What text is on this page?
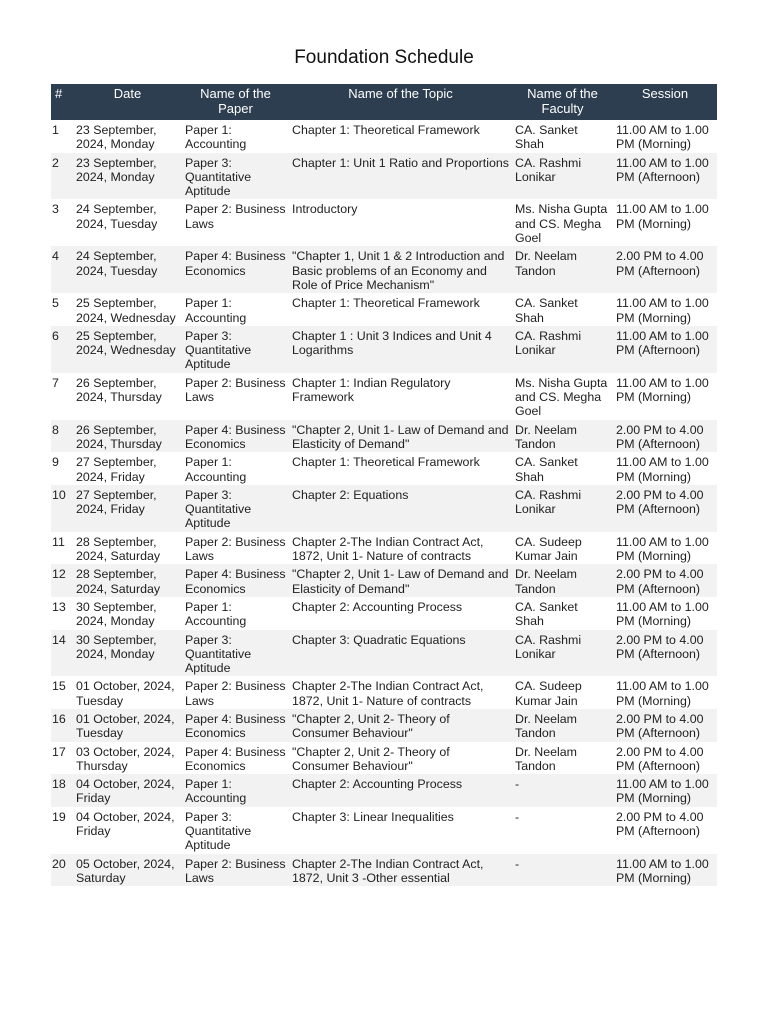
Foundation Schedule
#	Date	Name of the Paper	Name of the Topic	Name of the Faculty	Session
1	23 September, 2024, Monday	Paper 1: Accounting	Chapter 1: Theoretical Framework	CA. Sanket Shah	11.00 AM to 1.00 PM (Morning)
2	23 September, 2024, Monday	Paper 3: Quantitative Aptitude	Chapter 1: Unit 1 Ratio and Proportions	CA. Rashmi Lonikar	11.00 AM to 1.00 PM (Afternoon)
3	24 September, 2024, Tuesday	Paper 2: Business Laws	Introductory	Ms. Nisha Gupta and CS. Megha Goel	11.00 AM to 1.00 PM (Morning)
4	24 September, 2024, Tuesday	Paper 4: Business Economics	"Chapter 1, Unit 1 & 2 Introduction and Basic problems of an Economy and Role of Price Mechanism"	Dr. Neelam Tandon	2.00 PM to 4.00 PM (Afternoon)
5	25 September, 2024, Wednesday	Paper 1: Accounting	Chapter 1: Theoretical Framework	CA. Sanket Shah	11.00 AM to 1.00 PM (Morning)
6	25 September, 2024, Wednesday	Paper 3: Quantitative Aptitude	Chapter 1 : Unit 3 Indices and Unit 4 Logarithms	CA. Rashmi Lonikar	11.00 AM to 1.00 PM (Afternoon)
7	26 September, 2024, Thursday	Paper 2: Business Laws	Chapter 1: Indian Regulatory Framework	Ms. Nisha Gupta and CS. Megha Goel	11.00 AM to 1.00 PM (Morning)
8	26 September, 2024, Thursday	Paper 4: Business Economics	"Chapter 2, Unit 1- Law of Demand and Elasticity of Demand"	Dr. Neelam Tandon	2.00 PM to 4.00 PM (Afternoon)
9	27 September, 2024, Friday	Paper 1: Accounting	Chapter 1: Theoretical Framework	CA. Sanket Shah	11.00 AM to 1.00 PM (Morning)
10	27 September, 2024, Friday	Paper 3: Quantitative Aptitude	Chapter 2: Equations	CA. Rashmi Lonikar	2.00 PM to 4.00 PM (Afternoon)
11	28 September, 2024, Saturday	Paper 2: Business Laws	Chapter 2-The Indian Contract Act, 1872, Unit 1- Nature of contracts	CA. Sudeep Kumar Jain	11.00 AM to 1.00 PM (Morning)
12	28 September, 2024, Saturday	Paper 4: Business Economics	"Chapter 2, Unit 1- Law of Demand and Elasticity of Demand"	Dr. Neelam Tandon	2.00 PM to 4.00 PM (Afternoon)
13	30 September, 2024, Monday	Paper 1: Accounting	Chapter 2: Accounting Process	CA. Sanket Shah	11.00 AM to 1.00 PM (Morning)
14	30 September, 2024, Monday	Paper 3: Quantitative Aptitude	Chapter 3: Quadratic Equations	CA. Rashmi Lonikar	2.00 PM to 4.00 PM (Afternoon)
15	01 October, 2024, Tuesday	Paper 2: Business Laws	Chapter 2-The Indian Contract Act, 1872, Unit 1- Nature of contracts	CA. Sudeep Kumar Jain	11.00 AM to 1.00 PM (Morning)
16	01 October, 2024, Tuesday	Paper 4: Business Economics	"Chapter 2, Unit 2- Theory of Consumer Behaviour"	Dr. Neelam Tandon	2.00 PM to 4.00 PM (Afternoon)
17	03 October, 2024, Thursday	Paper 4: Business Economics	"Chapter 2, Unit 2- Theory of Consumer Behaviour"	Dr. Neelam Tandon	2.00 PM to 4.00 PM (Afternoon)
18	04 October, 2024, Friday	Paper 1: Accounting	Chapter 2: Accounting Process	-	11.00 AM to 1.00 PM (Morning)
19	04 October, 2024, Friday	Paper 3: Quantitative Aptitude	Chapter 3: Linear Inequalities	-	2.00 PM to 4.00 PM (Afternoon)
20	05 October, 2024, Saturday	Paper 2: Business Laws	Chapter 2-The Indian Contract Act, 1872, Unit 3 -Other essential	-	11.00 AM to 1.00 PM (Morning)
